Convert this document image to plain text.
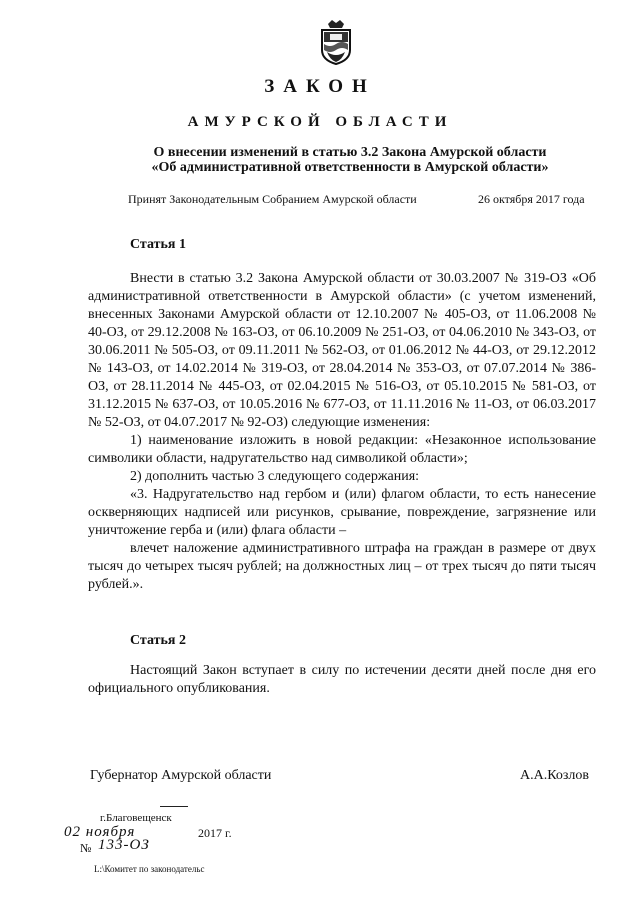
ЗАКОН
АМУРСКОЙ ОБЛАСТИ
О внесении изменений в статью 3.2 Закона Амурской области
«Об административной ответственности в Амурской области»
Принят Законодательным Собранием Амурской области	26 октября 2017 года
Статья 1

Внести в статью 3.2 Закона Амурской области от 30.03.2007 № 319-ОЗ «Об административной ответственности в Амурской области» (с учетом изменений, внесенных Законами Амурской области от 12.10.2007 № 405-ОЗ, от 11.06.2008 № 40-ОЗ, от 29.12.2008 № 163-ОЗ, от 06.10.2009 № 251-ОЗ, от 04.06.2010 № 343-ОЗ, от 30.06.2011 № 505-ОЗ, от 09.11.2011 № 562-ОЗ, от 01.06.2012 № 44-ОЗ, от 29.12.2012 № 143-ОЗ, от 14.02.2014 № 319-ОЗ, от 28.04.2014 № 353-ОЗ, от 07.07.2014 № 386-ОЗ, от 28.11.2014 № 445-ОЗ, от 02.04.2015 № 516-ОЗ, от 05.10.2015 № 581-ОЗ, от 31.12.2015 № 637-ОЗ, от 10.05.2016 № 677-ОЗ, от 11.11.2016 № 11-ОЗ, от 06.03.2017 № 52-ОЗ, от 04.07.2017 № 92-ОЗ) следующие изменения:

1) наименование изложить в новой редакции: «Незаконное использование символики области, надругательство над символикой области»;

2) дополнить частью 3 следующего содержания:

«3. Надругательство над гербом и (или) флагом области, то есть нанесение оскверняющих надписей или рисунков, срывание, повреждение, загрязнение или уничтожение герба и (или) флага области –

влечет наложение административного штрафа на граждан в размере от двух тысяч до четырех тысяч рублей; на должностных лиц – от трех тысяч до пяти тысяч рублей.».

Статья 2

Настоящий Закон вступает в силу по истечении десяти дней после дня его официального опубликования.

Губернатор Амурской области	А.А.Козлов
г.Благовещенск
02 ноября	2017 г.
№ 133-ОЗ
L:\Комитет по законодательс
